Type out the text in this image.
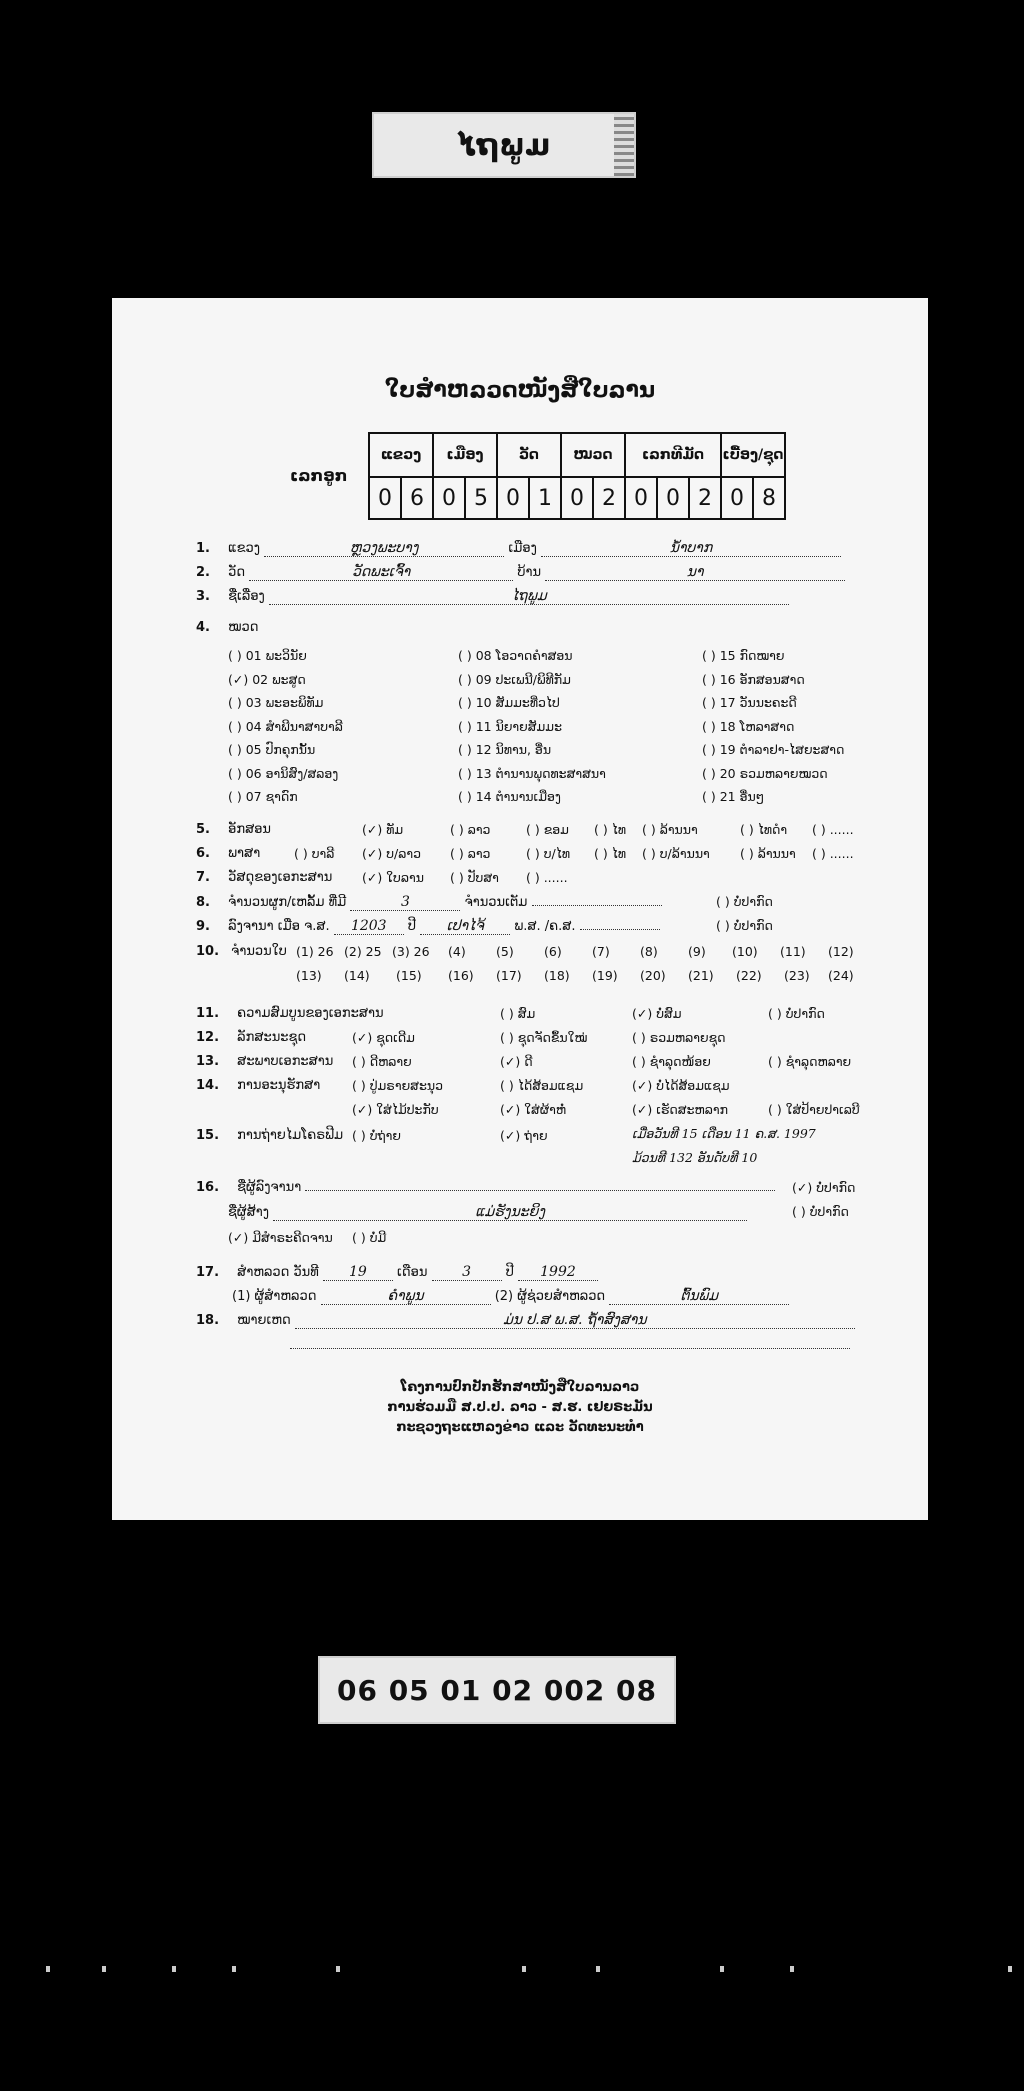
ໄຖພູມ
ໃບສຳຫລວດໜັງສືໃບລານ
ເລກອູກ
ແຂວງ		ເມືອງ		ວັດ		ໝວດ		ເລກທີມັດ			ເບື້ອງ/ຊຸດ	
0	6	0	5	0	1	0	2	0	0	2	0	8
1. ແຂວງ	ຫຼວງພະບາງ	ເມືອງ	ນ້ຳບາກ
2. ວັດ	ວັດພະເຈົ້າ	ບ້ານ	ນາ
3. ຊື່ເລື່ອງ	ໄຖພູມ
4. ໝວດ
( ) 01 ພະວິນັຍ
(✓) 02 ພະສູດ
( ) 03 ພະອະພິທັມ
( ) 04 ສຳພີນາສາບາລີ
( ) 05 ປົກຄຸກນັ້ນ
( ) 06 ອານິສົງ/ສລອງ
( ) 07 ຊາດົກ
( ) 08 ໂອວາດຄຳສອນ
( ) 09 ປະເພນີ/ພິທີກັມ
( ) 10 ສັມມະທີ່ວໄປ
( ) 11 ນິຍາຍສັມມະ
( ) 12 ນິທານ, ອື່ນ
( ) 13 ຕຳນານພຸດທະສາສນາ
( ) 14 ຕຳນານເມືອງ
( ) 15 ກົດໝາຍ
( ) 16 ອັກສອນສາດ
( ) 17 ວັນນະຄະດີ
( ) 18 ໂຫລາສາດ
( ) 19 ຕຳລາຢາ-ໄສຍະສາດ
( ) 20 ຣວມຫລາຍໝວດ
( ) 21 ອື່ນໆ
5. ອັກສອນ	(✓) ທັມ	( ) ລາວ	( ) ຂອມ ( ) ໄທ ( ) ລ້ານນາ	( ) ໄທດຳ ( ) ......
6. ພາສາ	( ) ບາລີ (✓) ບ/ລາວ ( ) ລາວ	( ) ບ/ໄທ ( ) ໄທ ( ) ບ/ລ້ານນາ ( ) ລ້ານນາ ( ) ......
7. ວັສດຸຂອງເອກະສານ (✓) ໃບລານ ( ) ປັບສາ ( ) ......
8. ຈຳນວນຜູກ/ເຫລັ້ມ ທີ່ມີ	3	ຈຳນວນເຕັມ	( ) ບໍ່ປາກົດ
9. ລົງຈານາ ເມື່ອ ຈ.ສ. 1203 ປີ ເປາໄຈ້ ພ.ສ. /ຄ.ສ.	( ) ບໍ່ປາກົດ
10. ຈຳນວນໃບ (1) 26 (2) 25 (3) 26 (4) (5) (6) (7) (8) (9) (10) (11) (12)
(13) (14) (15) (16) (17) (18) (19) (20) (21) (22) (23) (24)
11. ຄວາມສົມບູນຂອງເອກະສານ	( ) ສົມ	(✓) ບໍ່ສົມ	( ) ບໍ່ປາກົດ
12. ລັກສະນະຊຸດ	(✓) ຊຸດເດີມ	( ) ຊຸດຈັດຂຶ້ນໃໝ່	( ) ຣວມຫລາຍຊຸດ
13. ສະພາບເອກະສານ ( ) ດີຫລາຍ	(✓) ດີ	( ) ຊຳລຸດໜ້ອຍ	( ) ຊຳລຸດຫລາຍ
14. ການອະນຸຮັກສາ	( ) ປູ່ມຣາຍສະນຸວ	( ) ໄດ້ສ້ອມແຊມ	(✓) ບໍ່ໄດ້ສ້ອມແຊມ
(✓) ໃສ່ໄມ້ປະກັບ	(✓) ໃສ່ຜ້າຫໍ່	(✓) ເຮັດສະຫລາກ	( ) ໃສ່ປ້າຍປາເລບີ
15. ການຖ່າຍໄມໂຄຣຟີມ ( ) ບໍ່ຖ່າຍ	(✓) ຖ່າຍ	ເມື່ອວັນທີ 15 ເດືອນ 11 ຄ.ສ. 1997
ມ້ວນທີ 132 ອັນດັບທີ 10
16. ຊື່ຜູ້ລົງຈານາ	(✓) ບໍ່ປາກົດ
ຊື່ຜູ້ສ້າງ	ແມ່ຮັງນະຍິງ	( ) ບໍ່ປາກົດ
(✓) ມີສຳຣະຄີດຈານ ( ) ບໍ່ມີ
17. ສຳຫລວດ ວັນທີ 19 ເດືອນ 3	ປີ 1992
(1) ຜູ້ສຳຫລວດ	ຄຳພູນ	(2) ຜູ້ຊ່ວຍສຳຫລວດ	ຕົ້ນພົມ
18. ໝາຍເຫດ	ມ່ນ ປ.ສ ພ.ສ. ຖ້ຳສົງສານ
ໂຄງການປົກປັກຮັກສາໜັງສືໃບລານລາວ
ການຮ່ວມມື ສ.ປ.ປ. ລາວ - ສ.ຮ. ເຢຍຣະມັນ
ກະຊວງຖະແຫລງຂ່າວ ແລະ ວັດທະນະທຳ
06 05 01 02 002 08
